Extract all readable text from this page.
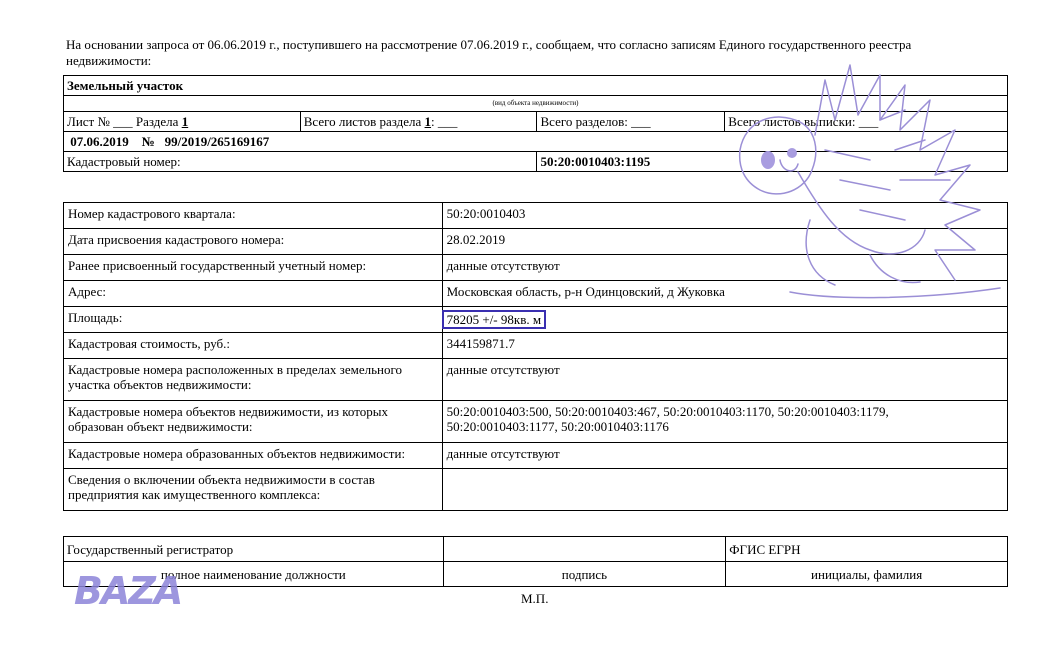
На основании запроса от 06.06.2019 г., поступившего на рассмотрение 07.06.2019 г., сообщаем, что согласно записям Единого государственного реестра недвижимости:
Земельный участок			
(вид объекта недвижимости)			
Лист № ___ Раздела 1	Всего листов раздела 1: ___	Всего разделов: ___	Всего листов выписки: ___
07.06.2019 № 99/2019/265169167			
Кадастровый номер:		50:20:0010403:1195	
Номер кадастрового квартала:	50:20:0010403
Дата присвоения кадастрового номера:	28.02.2019
Ранее присвоенный государственный учетный номер:	данные отсутствуют
Адрес:	Московская область, р-н Одинцовский, д Жуковка
Площадь:	78205 +/- 98кв. м
Кадастровая стоимость, руб.:	344159871.7
Кадастровые номера расположенных в пределах земельного участка объектов недвижимости:	данные отсутствуют
Кадастровые номера объектов недвижимости, из которых образован объект недвижимости:	50:20:0010403:500, 50:20:0010403:467, 50:20:0010403:1170, 50:20:0010403:1179, 50:20:0010403:1177, 50:20:0010403:1176
Кадастровые номера образованных объектов недвижимости:	данные отсутствуют
Сведения о включении объекта недвижимости в состав предприятия как имущественного комплекса:	
Государственный регистратор		ФГИС ЕГРН
полное наименование должности	подпись	инициалы, фамилия
М.П.
BAZA
